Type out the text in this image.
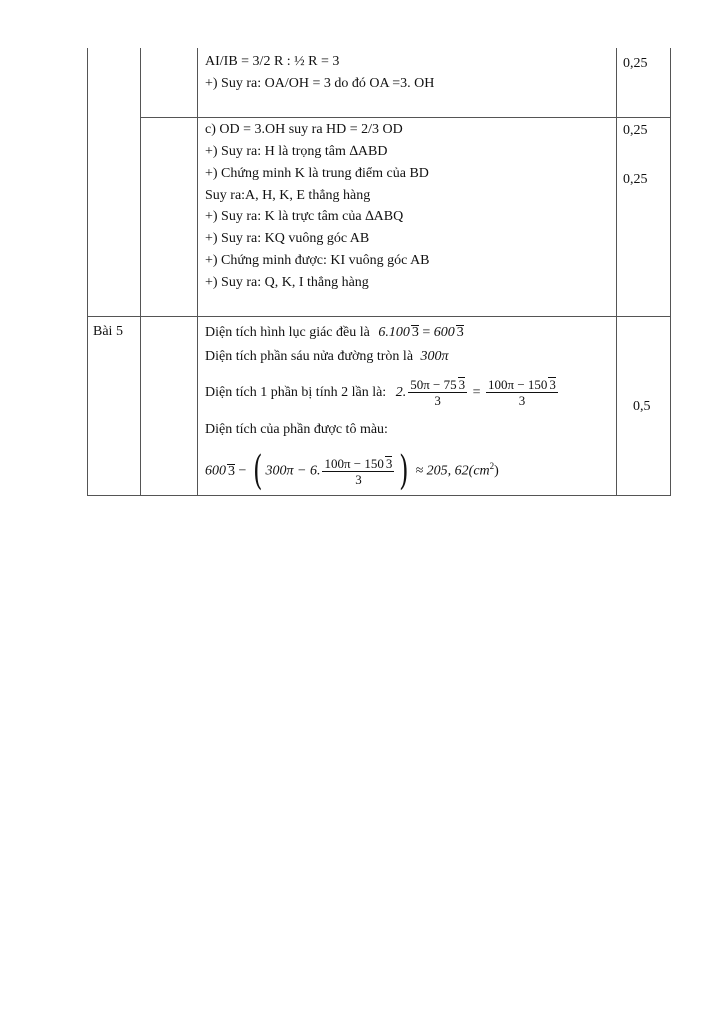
AI/IB = 3/2 R : ½ R = 3
+) Suy ra: OA/OH = 3 do đó OA =3. OH
0,25
c) OD = 3.OH suy ra HD = 2/3 OD
+) Suy ra: H là trọng tâm ∆ABD
+) Chứng minh K là trung điểm của BD
Suy ra:A, H, K, E thẳng hàng
+) Suy ra: K là trực tâm của ∆ABQ
+) Suy ra: KQ vuông góc AB
+) Chứng minh được: KI vuông góc AB
+) Suy ra: Q, K, I thẳng hàng
0,25
0,25
Bài 5	Diện tích hình lục giác đều là 6.100 3 = 600 3
Diện tích phần sáu nửa đường tròn là 300π
Diện tích 1 phần bị tính 2 lần là: 2. $\frac{50\pi - 75 3}{3} = \frac{100\pi - 150 3}{3}$
Diện tích của phần được tô màu:
600 3 − ( 300π − 6. $\frac{100\pi - 150 3}{3}$ ) ≈ 205, $62(cm^2)$
0,5
